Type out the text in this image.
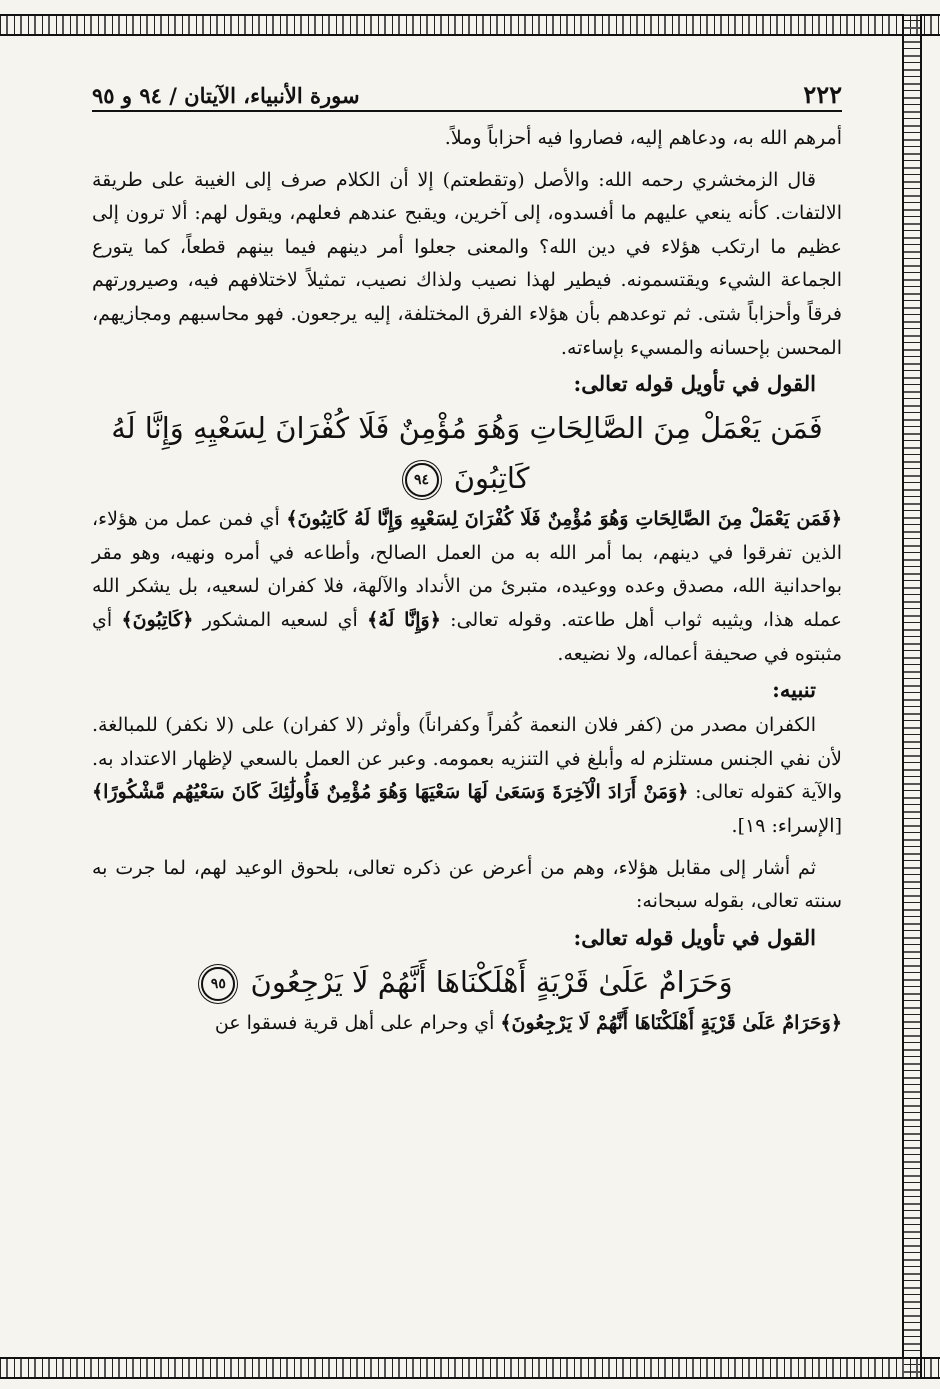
٢٢٢
سورة الأنبياء، الآيتان / ٩٤ و ٩٥

أمرهم الله به، ودعاهم إليه، فصاروا فيه أحزاباً وملاً.

قال الزمخشري رحمه الله: والأصل (وتقطعتم) إلا أن الكلام صرف إلى الغيبة على طريقة الالتفات. كأنه ينعي عليهم ما أفسدوه، إلى آخرين، ويقبح عندهم فعلهم، ويقول لهم: ألا ترون إلى عظيم ما ارتكب هؤلاء في دين الله؟ والمعنى جعلوا أمر دينهم فيما بينهم قطعاً، كما يتورع الجماعة الشيء ويقتسمونه. فيطير لهذا نصيب ولذاك نصيب، تمثيلاً لاختلافهم فيه، وصيرورتهم فرقاً وأحزاباً شتى. ثم توعدهم بأن هؤلاء الفرق المختلفة، إليه يرجعون. فهو محاسبهم ومجازيهم، المحسن بإحسانه والمسيء بإساءته.

القول في تأويل قوله تعالى:
فَمَن يَعْمَلْ مِنَ الصَّالِحَاتِ وَهُوَ مُؤْمِنٌ فَلَا كُفْرَانَ لِسَعْيِهِ وَإِنَّا لَهُ
كَاتِبُونَ ٩٤

﴿فَمَن يَعْمَلْ مِنَ الصَّالِحَاتِ وَهُوَ مُؤْمِنٌ فَلَا كُفْرَانَ لِسَعْيِهِ وَإِنَّا لَهُ كَاتِبُونَ﴾ أي فمن عمل من هؤلاء، الذين تفرقوا في دينهم، بما أمر الله به من العمل الصالح، وأطاعه في أمره ونهيه، وهو مقر بواحدانية الله، مصدق وعده ووعيده، متبرئ من الأنداد والآلهة، فلا كفران لسعيه، بل يشكر الله عمله هذا، ويثيبه ثواب أهل طاعته. وقوله تعالى: ﴿وَإِنَّا لَهُ﴾ أي لسعيه المشكور ﴿كَاتِبُونَ﴾ أي مثبتوه في صحيفة أعماله، ولا نضيعه.

تنبيه:

الكفران مصدر من (كفر فلان النعمة كُفراً وكفراناً) وأوثر (لا كفران) على (لا نكفر) للمبالغة. لأن نفي الجنس مستلزم له وأبلغ في التنزيه بعمومه. وعبر عن العمل بالسعي لإظهار الاعتداد به. والآية كقوله تعالى: ﴿وَمَنْ أَرَادَ الْآخِرَةَ وَسَعَىٰ لَهَا سَعْيَهَا وَهُوَ مُؤْمِنٌ فَأُولَٰئِكَ كَانَ سَعْيُهُم مَّشْكُورًا﴾ [الإسراء: ١٩].

ثم أشار إلى مقابل هؤلاء، وهم من أعرض عن ذكره تعالى، بلحوق الوعيد لهم، لما جرت به سنته تعالى، بقوله سبحانه:

القول في تأويل قوله تعالى:
وَحَرَامٌ عَلَىٰ قَرْيَةٍ أَهْلَكْنَاهَا أَنَّهُمْ لَا يَرْجِعُونَ ٩٥

﴿وَحَرَامٌ عَلَىٰ قَرْيَةٍ أَهْلَكْنَاهَا أَنَّهُمْ لَا يَرْجِعُونَ﴾ أي وحرام على أهل قرية فسقوا عن
